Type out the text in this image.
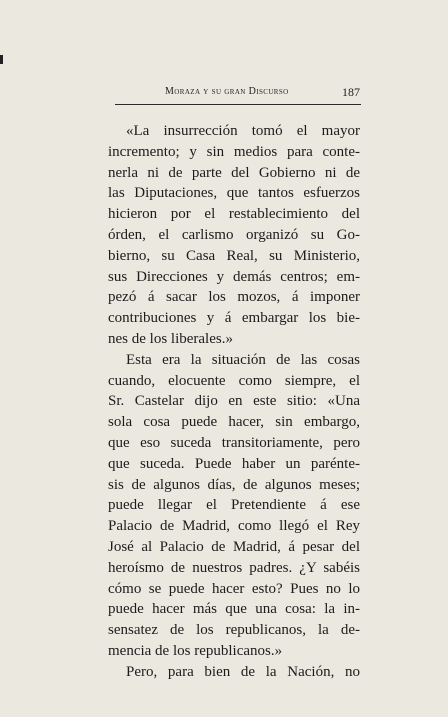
Moraza y su gran Discurso	187
«La insurrección tomó el mayor
incremento; y sin medios para conte-
nerla ni de parte del Gobierno ni de
las Diputaciones, que tantos esfuerzos
hicieron por el restablecimiento del
órden, el carlismo organizó su Go-
bierno, su Casa Real, su Ministerio,
sus Direcciones y demás centros; em-
pezó á sacar los mozos, á imponer
contribuciones y á embargar los bie-
nes de los liberales.»
Esta era la situación de las cosas
cuando, elocuente como siempre, el
Sr. Castelar dijo en este sitio: «Una
sola cosa puede hacer, sin embargo,
que eso suceda transitoriamente, pero
que suceda. Puede haber un parénte-
sis de algunos días, de algunos meses;
puede llegar el Pretendiente á ese
Palacio de Madrid, como llegó el Rey
José al Palacio de Madrid, á pesar del
heroísmo de nuestros padres. ¿Y sabéis
cómo se puede hacer esto? Pues no lo
puede hacer más que una cosa: la in-
sensatez de los republicanos, la de-
mencia de los republicanos.»
Pero, para bien de la Nación, no
